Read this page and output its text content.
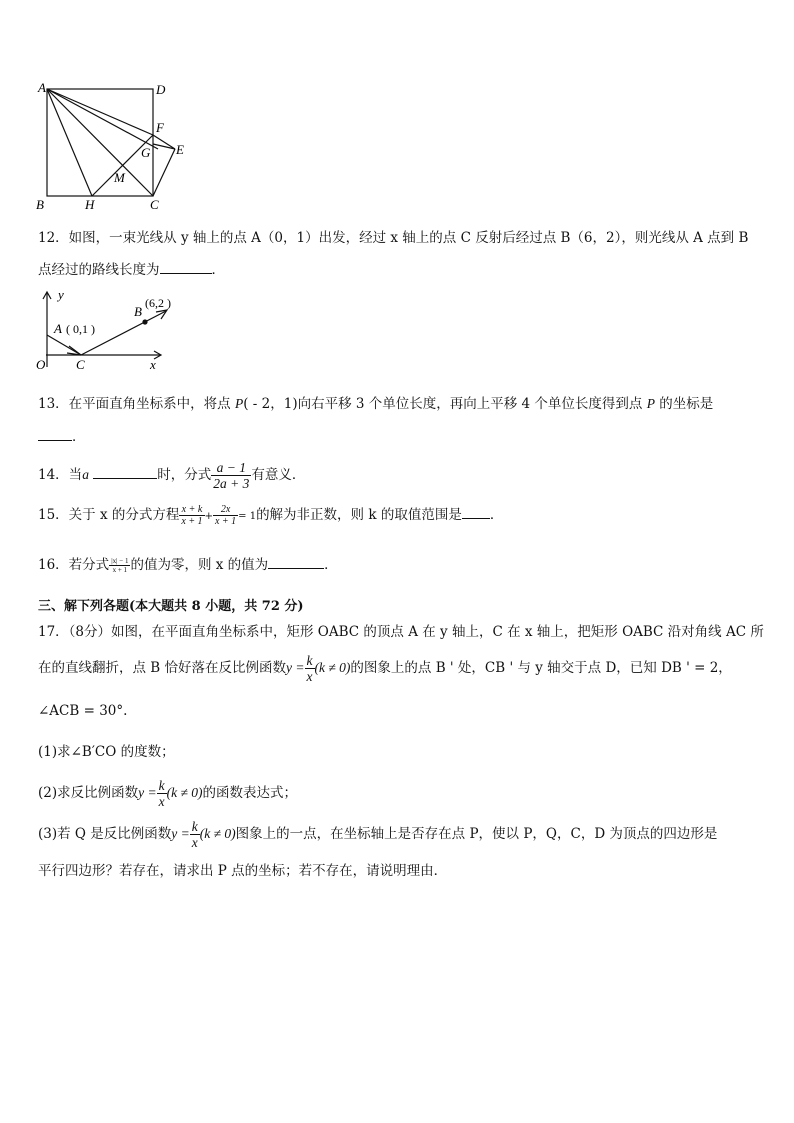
A	D
F
G E
M
B	H	C
12．如图，一束光线从 y 轴上的点 A（0，1）出发，经过 x 轴上的点 C 反射后经过点 B（6，2），则光线从 A 点到 B
点经过的路线长度为	．
y
x
O C
A ( 0,1 )
B
(6,2 )
13．在平面直角坐标系中，将点 P( - 2，1)向右平移 3 个单位长度，再向上平移 4 个单位长度得到点 P 的坐标是
．
14．当a	时，分式 $\frac{a - 1}{2a + 3}$ 有意义．
15．关于 x 的分式方程 $\frac{x + k}{x + 1} + \frac{2x}{x + 1} = 1$的解为非正数，则 k 的取值范围是 ．
16．若分式 $\frac{|x| - 1}{x + 1}$ 的值为零，则 x 的值为	．
三、解下列各题(本大题共 8 小题，共 72 分)
17．（8分）如图，在平面直角坐标系中，矩形 OABC 的顶点 A 在 y 轴上，C 在 x 轴上，把矩形 OABC 沿对角线 AC 所
在的直线翻折，点 B 恰好落在反比例函数$y = \frac{k}{x} (k \ne 0)$的图象上的点 B ' 处，CB ' 与 y 轴交于点 D，已知 DB ' = 2，
∠ACB = 30°.
(1)求∠B′CO 的度数；
(2)求反比例函数$y = \frac{k}{x} (k \ne 0)$的函数表达式；
(3)若 Q 是反比例函数$y = \frac{k}{x} (k \ne 0)$图象上的一点，在坐标轴上是否存在点 P，使以 P，Q，C，D 为顶点的四边形是
平行四边形？若存在，请求出 P 点的坐标；若不存在，请说明理由．
